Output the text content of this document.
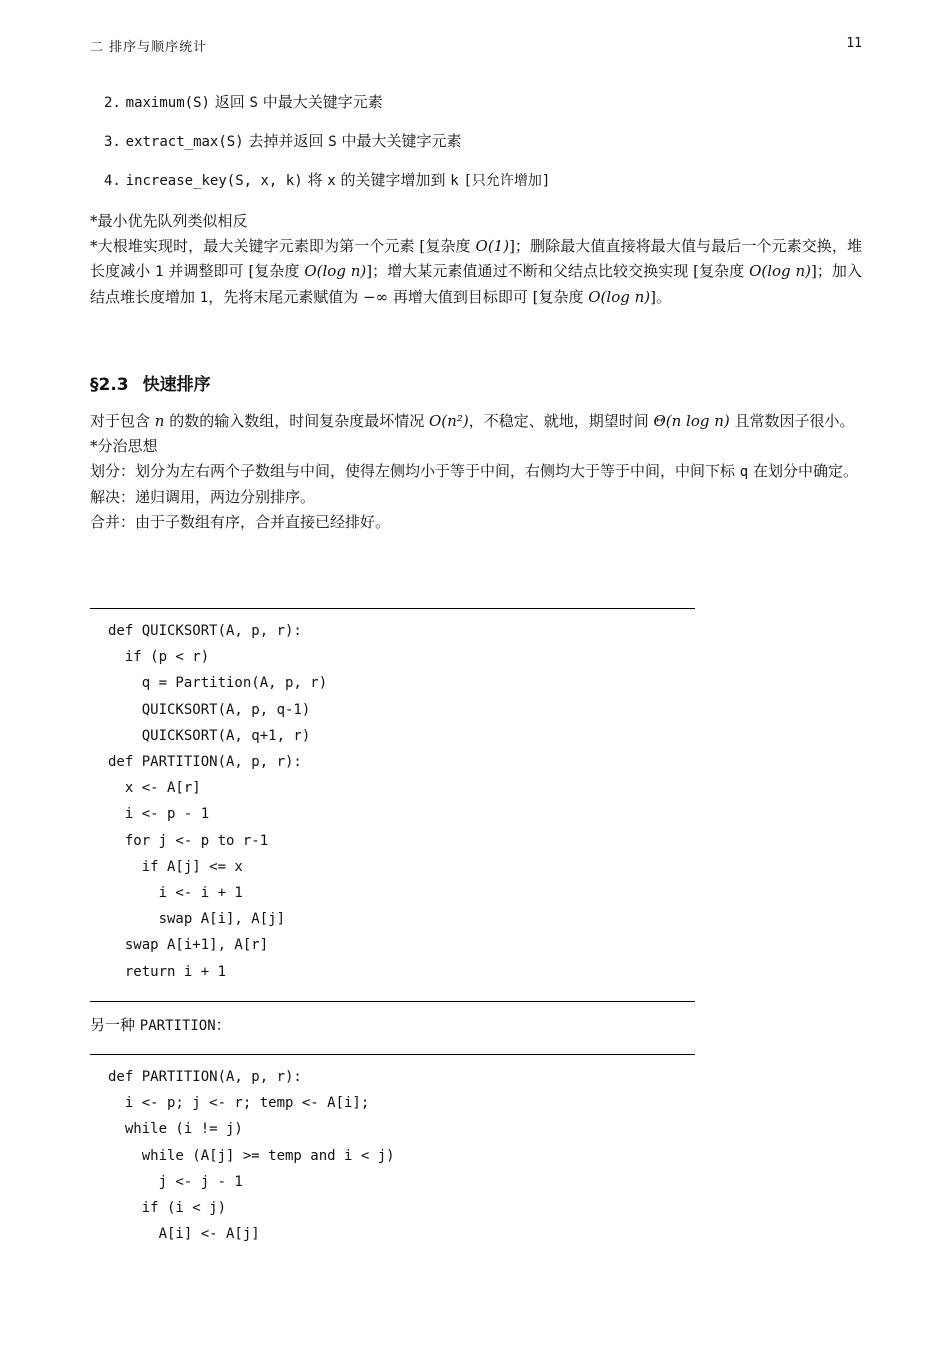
二 排序与顺序统计	11
2. maximum(S) 返回 S 中最大关键字元素
3. extract_max(S) 去掉并返回 S 中最大关键字元素
4. increase_key(S, x, k) 将 x 的关键字增加到 k [只允许增加]

*最小优先队列类似相反

*大根堆实现时，最大关键字元素即为第一个元素 [复杂度 O(1)]；删除最大值直接将最大值与最后一个元素交换，堆长度减小 1 并调整即可 [复杂度 O(log n)]；增大某元素值通过不断和父结点比较交换实现 [复杂度 O(log n)]；加入结点堆长度增加 1，先将末尾元素赋值为 −∞ 再增大值到目标即可 [复杂度 O(log n)]。

§2.3 快速排序

对于包含 n 的数的输入数组，时间复杂度最坏情况 O(n²)，不稳定、就地，期望时间 Θ(n log n) 且常数因子很小。

*分治思想

划分：划分为左右两个子数组与中间，使得左侧均小于等于中间，右侧均大于等于中间，中间下标 q 在划分中确定。

解决：递归调用，两边分别排序。

合并：由于子数组有序，合并直接已经排好。

def QUICKSORT(A, p, r):
if (p < r)
q = Partition(A, p, r)
QUICKSORT(A, p, q-1)
QUICKSORT(A, q+1, r)
def PARTITION(A, p, r):
x <- A[r]
i <- p - 1
for j <- p to r-1
if A[j] <= x
i <- i + 1
swap A[i], A[j]
swap A[i+1], A[r]
return i + 1

另一种 PARTITION：

def PARTITION(A, p, r):
i <- p; j <- r; temp <- A[i];
while (i != j)
while (A[j] >= temp and i < j)
j <- j - 1
if (i < j)
A[i] <- A[j]
